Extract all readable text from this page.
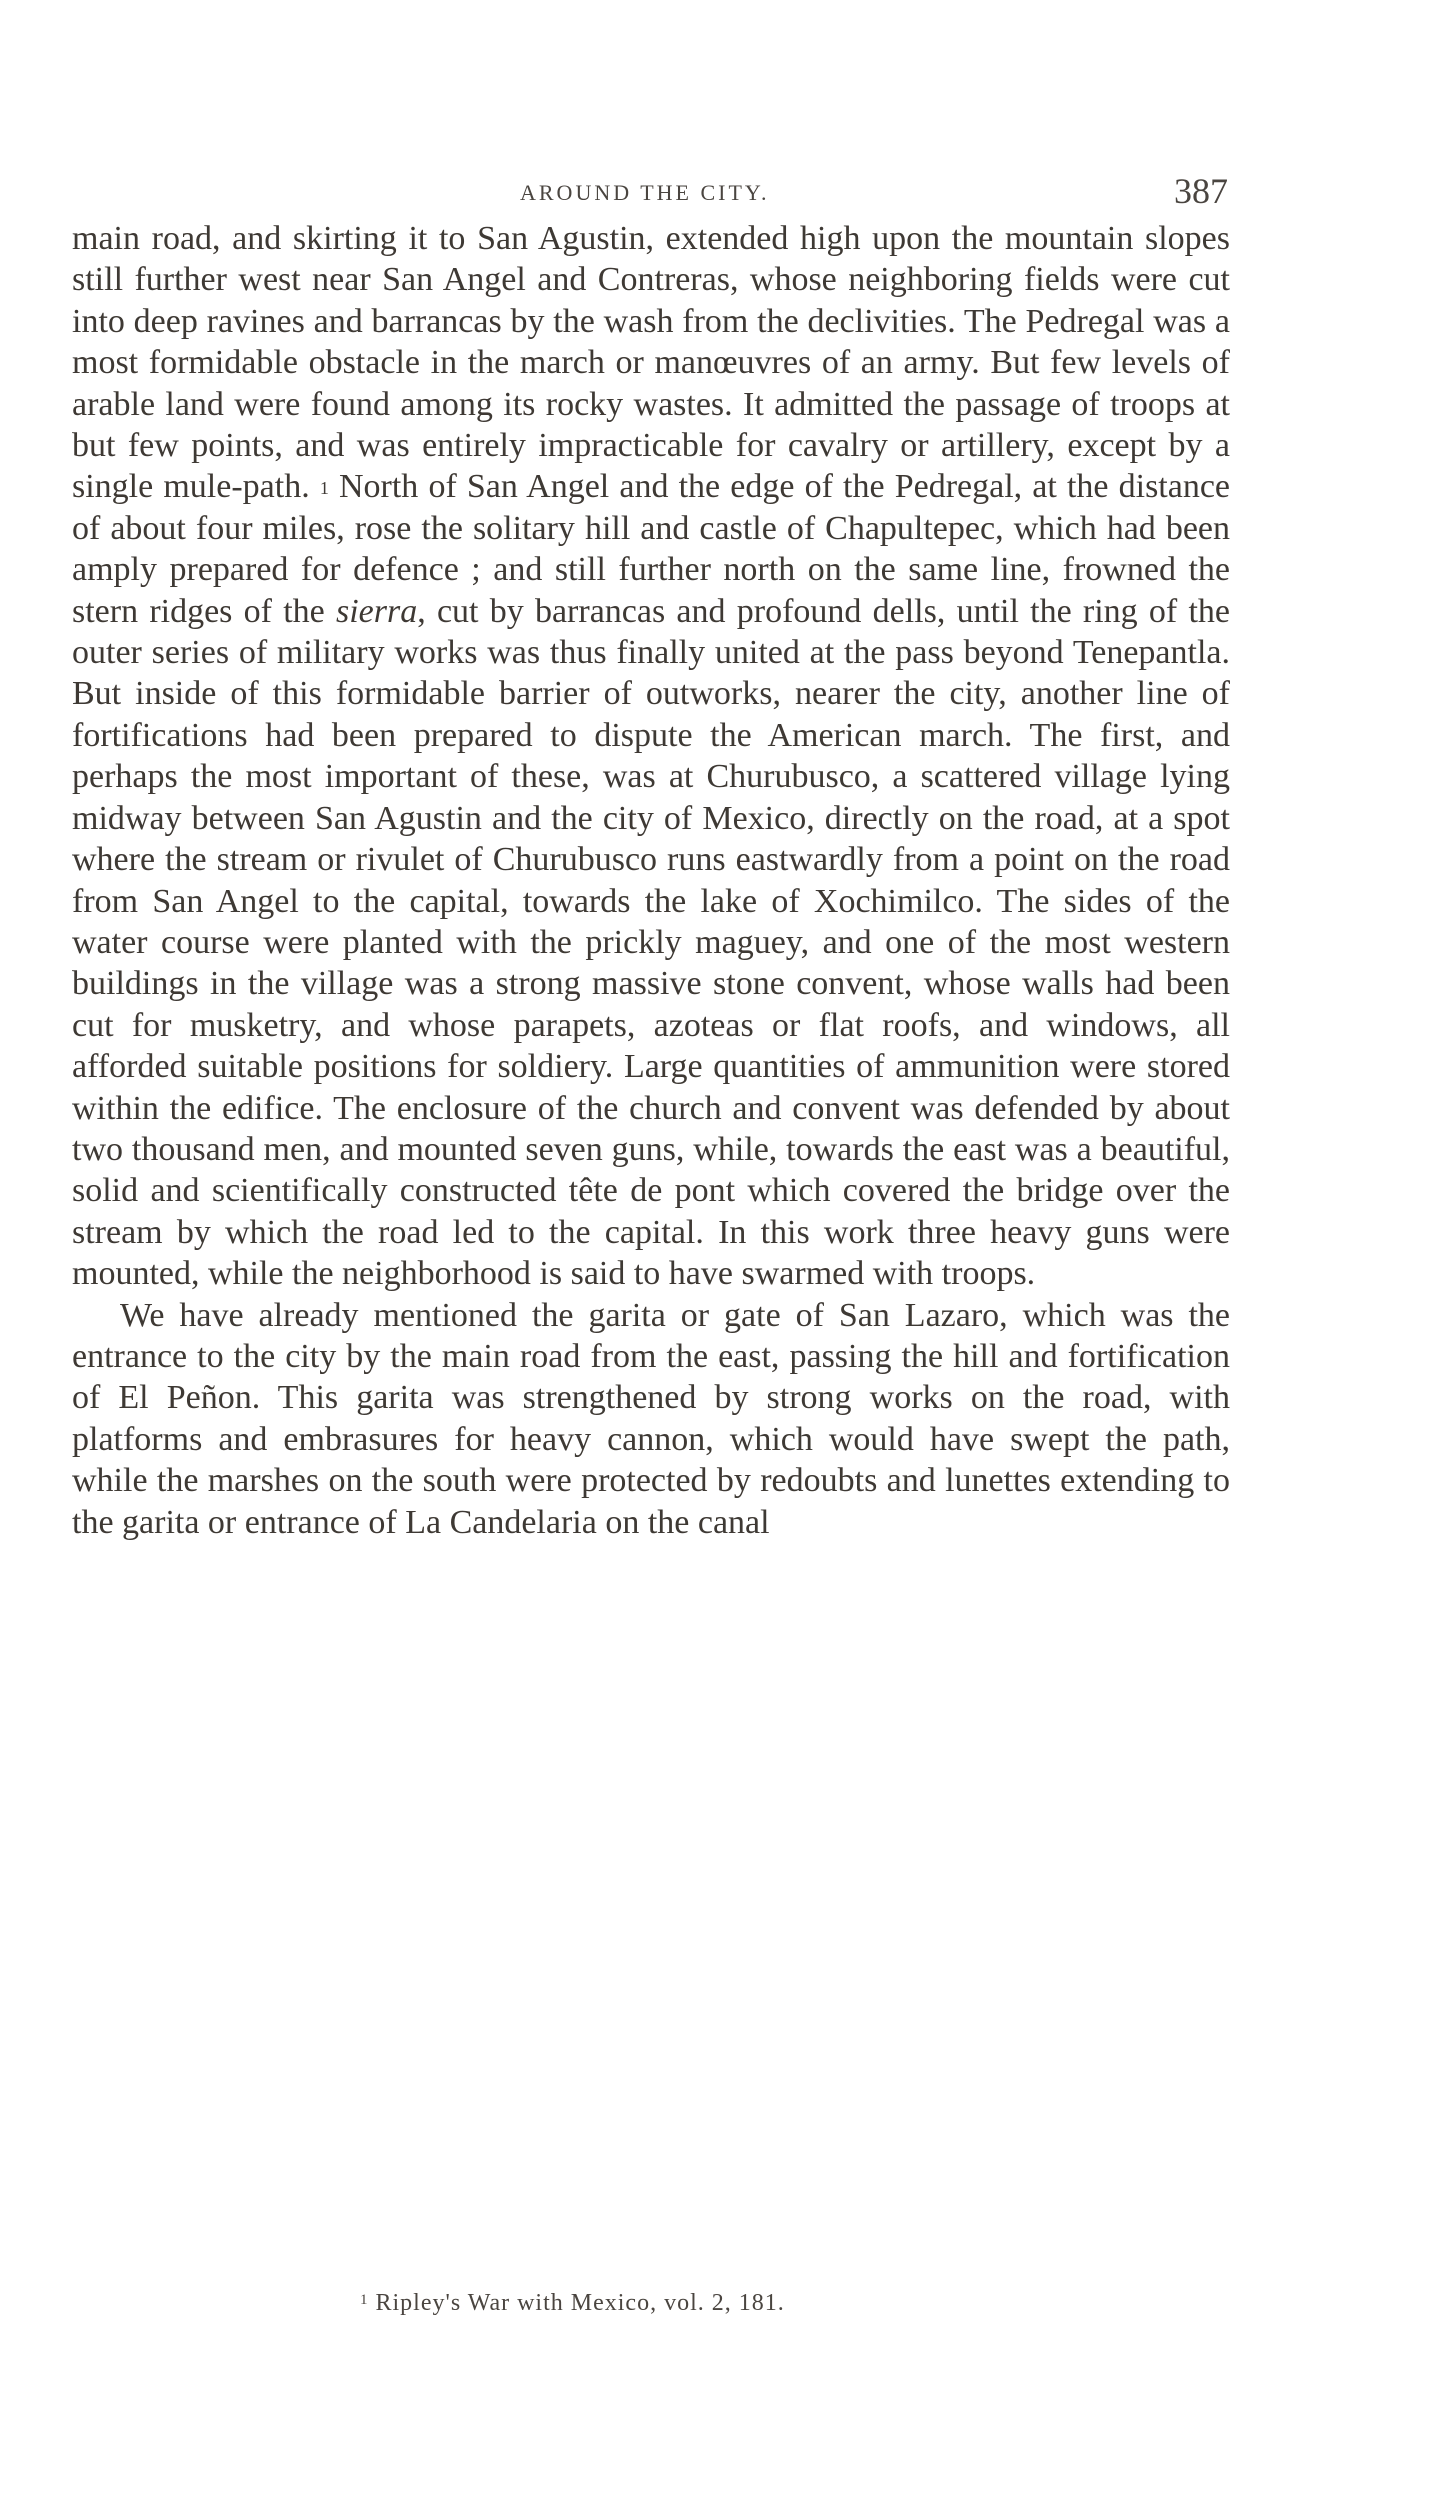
AROUND THE CITY.	387

main road, and skirting it to San Agustin, extended high upon the mountain slopes still further west near San Angel and Contreras, whose neighboring fields were cut into deep ravines and barrancas by the wash from the declivities. The Pedregal was a most formidable obstacle in the march or manœuvres of an army. But few levels of arable land were found among its rocky wastes. It admitted the passage of troops at but few points, and was entirely impracticable for cavalry or artillery, except by a single mule-path. $^1$ North of San Angel and the edge of the Pedregal, at the distance of about four miles, rose the solitary hill and castle of Chapultepec, which had been amply prepared for defence ; and still further north on the same line, frowned the stern ridges of the sierra, cut by barrancas and profound dells, until the ring of the outer series of military works was thus finally united at the pass beyond Tenepantla. But inside of this formidable barrier of outworks, nearer the city, another line of fortifications had been prepared to dispute the American march. The first, and perhaps the most important of these, was at Churubusco, a scattered village lying midway between San Agustin and the city of Mexico, directly on the road, at a spot where the stream or rivulet of Churubusco runs eastwardly from a point on the road from San Angel to the capital, towards the lake of Xochimilco. The sides of the water course were planted with the prickly maguey, and one of the most western buildings in the village was a strong massive stone convent, whose walls had been cut for musketry, and whose parapets, azoteas or flat roofs, and windows, all afforded suitable positions for soldiery. Large quantities of ammunition were stored within the edifice. The enclosure of the church and convent was defended by about two thousand men, and mounted seven guns, while, towards the east was a beautiful, solid and scientifically constructed tête de pont which covered the bridge over the stream by which the road led to the capital. In this work three heavy guns were mounted, while the neighborhood is said to have swarmed with troops.

We have already mentioned the garita or gate of San Lazaro, which was the entrance to the city by the main road from the east, passing the hill and fortification of El Peñon. This garita was strengthened by strong works on the road, with platforms and embrasures for heavy cannon, which would have swept the path, while the marshes on the south were protected by redoubts and lunettes extending to the garita or entrance of La Candelaria on the canal

$^1$ Ripley's War with Mexico, vol. 2, 181.
